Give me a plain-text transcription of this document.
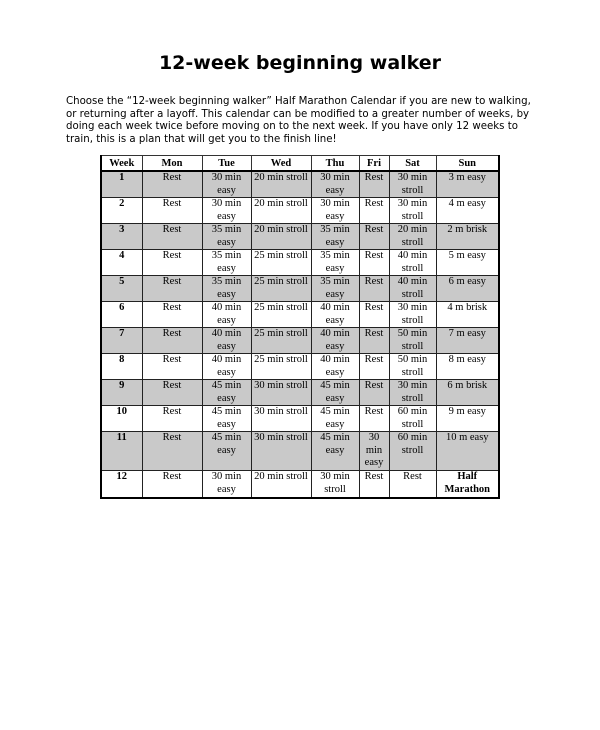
12-week beginning walker
Choose the “12-week beginning walker” Half Marathon Calendar if you are new to walking, or returning after a layoff. This calendar can be modified to a greater number of weeks, by doing each week twice before moving on to the next week. If you have only 12 weeks to train, this is a plan that will get you to the finish line!
Week	Mon	Tue	Wed	Thu	Fri	Sat	Sun
1	Rest	30 min easy	20 min stroll	30 min easy	Rest	30 min stroll	3 m easy
2	Rest	30 min easy	20 min stroll	30 min easy	Rest	30 min stroll	4 m easy
3	Rest	35 min easy	20 min stroll	35 min easy	Rest	20 min stroll	2 m brisk
4	Rest	35 min easy	25 min stroll	35 min easy	Rest	40 min stroll	5 m easy
5	Rest	35 min easy	25 min stroll	35 min easy	Rest	40 min stroll	6 m easy
6	Rest	40 min easy	25 min stroll	40 min easy	Rest	30 min stroll	4 m brisk
7	Rest	40 min easy	25 min stroll	40 min easy	Rest	50 min stroll	7 m easy
8	Rest	40 min easy	25 min stroll	40 min easy	Rest	50 min stroll	8 m easy
9	Rest	45 min easy	30 min stroll	45 min easy	Rest	30 min stroll	6 m brisk
10	Rest	45 min easy	30 min stroll	45 min easy	Rest	60 min stroll	9 m easy
11	Rest	45 min easy	30 min stroll	45 min easy	30 min easy	60 min stroll	10 m easy
12	Rest	30 min easy	20 min stroll	30 min stroll	Rest	Rest	Half Marathon
